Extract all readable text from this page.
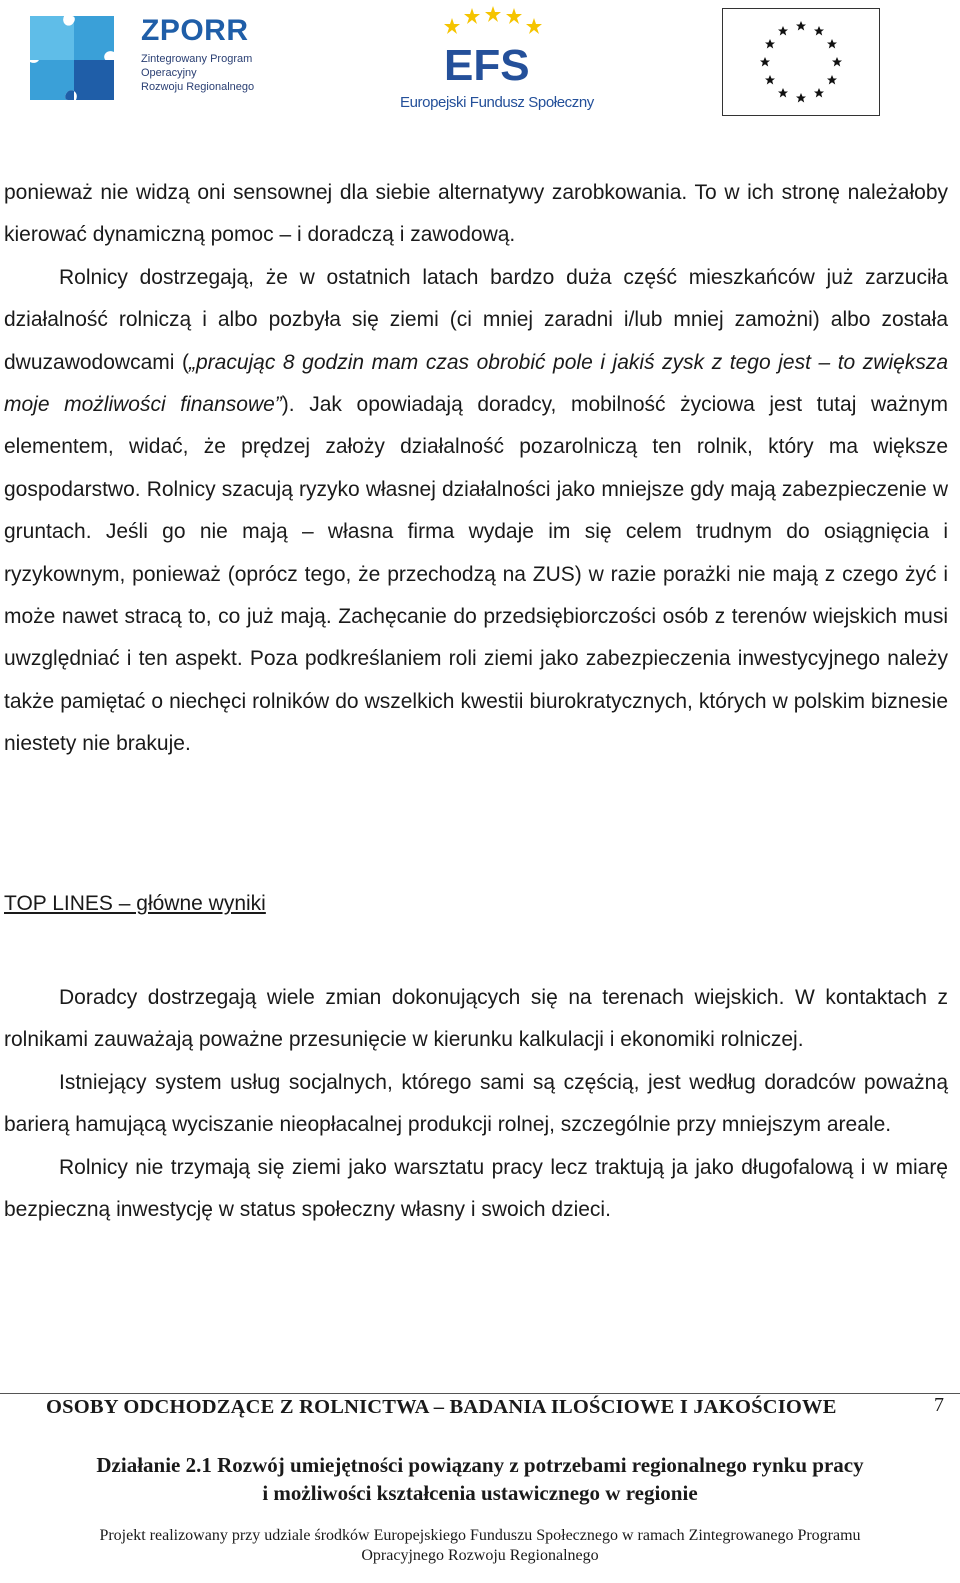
ZPORR
Zintegrowany Program
Operacyjny
Rozwoju Regionalnego	EFS
Europejski Fundusz Społeczny

ponieważ nie widzą oni sensownej dla siebie alternatywy zarobkowania. To w ich stronę należałoby kierować dynamiczną pomoc – i doradczą i zawodową.

Rolnicy dostrzegają, że w ostatnich latach bardzo duża część mieszkańców już zarzuciła działalność rolniczą i albo pozbyła się ziemi (ci mniej zaradni i/lub mniej zamożni) albo została dwuzawodowcami („pracując 8 godzin mam czas obrobić pole i jakiś zysk z tego jest – to zwiększa moje możliwości finansowe”). Jak opowiadają doradcy, mobilność życiowa jest tutaj ważnym elementem, widać, że prędzej założy działalność pozarolniczą ten rolnik, który ma większe gospodarstwo. Rolnicy szacują ryzyko własnej działalności jako mniejsze gdy mają zabezpieczenie w gruntach. Jeśli go nie mają – własna firma wydaje im się celem trudnym do osiągnięcia i ryzykownym, ponieważ (oprócz tego, że przechodzą na ZUS) w razie porażki nie mają z czego żyć i może nawet stracą to, co już mają. Zachęcanie do przedsiębiorczości osób z terenów wiejskich musi uwzględniać i ten aspekt. Poza podkreślaniem roli ziemi jako zabezpieczenia inwestycyjnego należy także pamiętać o niechęci rolników do wszelkich kwestii biurokratycznych, których w polskim biznesie niestety nie brakuje.

TOP LINES – główne wyniki

Doradcy dostrzegają wiele zmian dokonujących się na terenach wiejskich. W kontaktach z rolnikami zauważają poważne przesunięcie w kierunku kalkulacji i ekonomiki rolniczej.

Istniejący system usług socjalnych, którego sami są częścią, jest według doradców poważną barierą hamującą wyciszanie nieopłacalnej produkcji rolnej, szczególnie przy mniejszym areale.

Rolnicy nie trzymają się ziemi jako warsztatu pracy lecz traktują ja jako długofalową i w miarę bezpieczną inwestycję w status społeczny własny i swoich dzieci.

OSOBY ODCHODZĄCE Z ROLNICTWA – BADANIA ILOŚCIOWE I JAKOŚCIOWE	7
Działanie 2.1 Rozwój umiejętności powiązany z potrzebami regionalnego rynku pracy
i możliwości kształcenia ustawicznego w regionie
Projekt realizowany przy udziale środków Europejskiego Funduszu Społecznego w ramach Zintegrowanego Programu
Opracyjnego Rozwoju Regionalnego
